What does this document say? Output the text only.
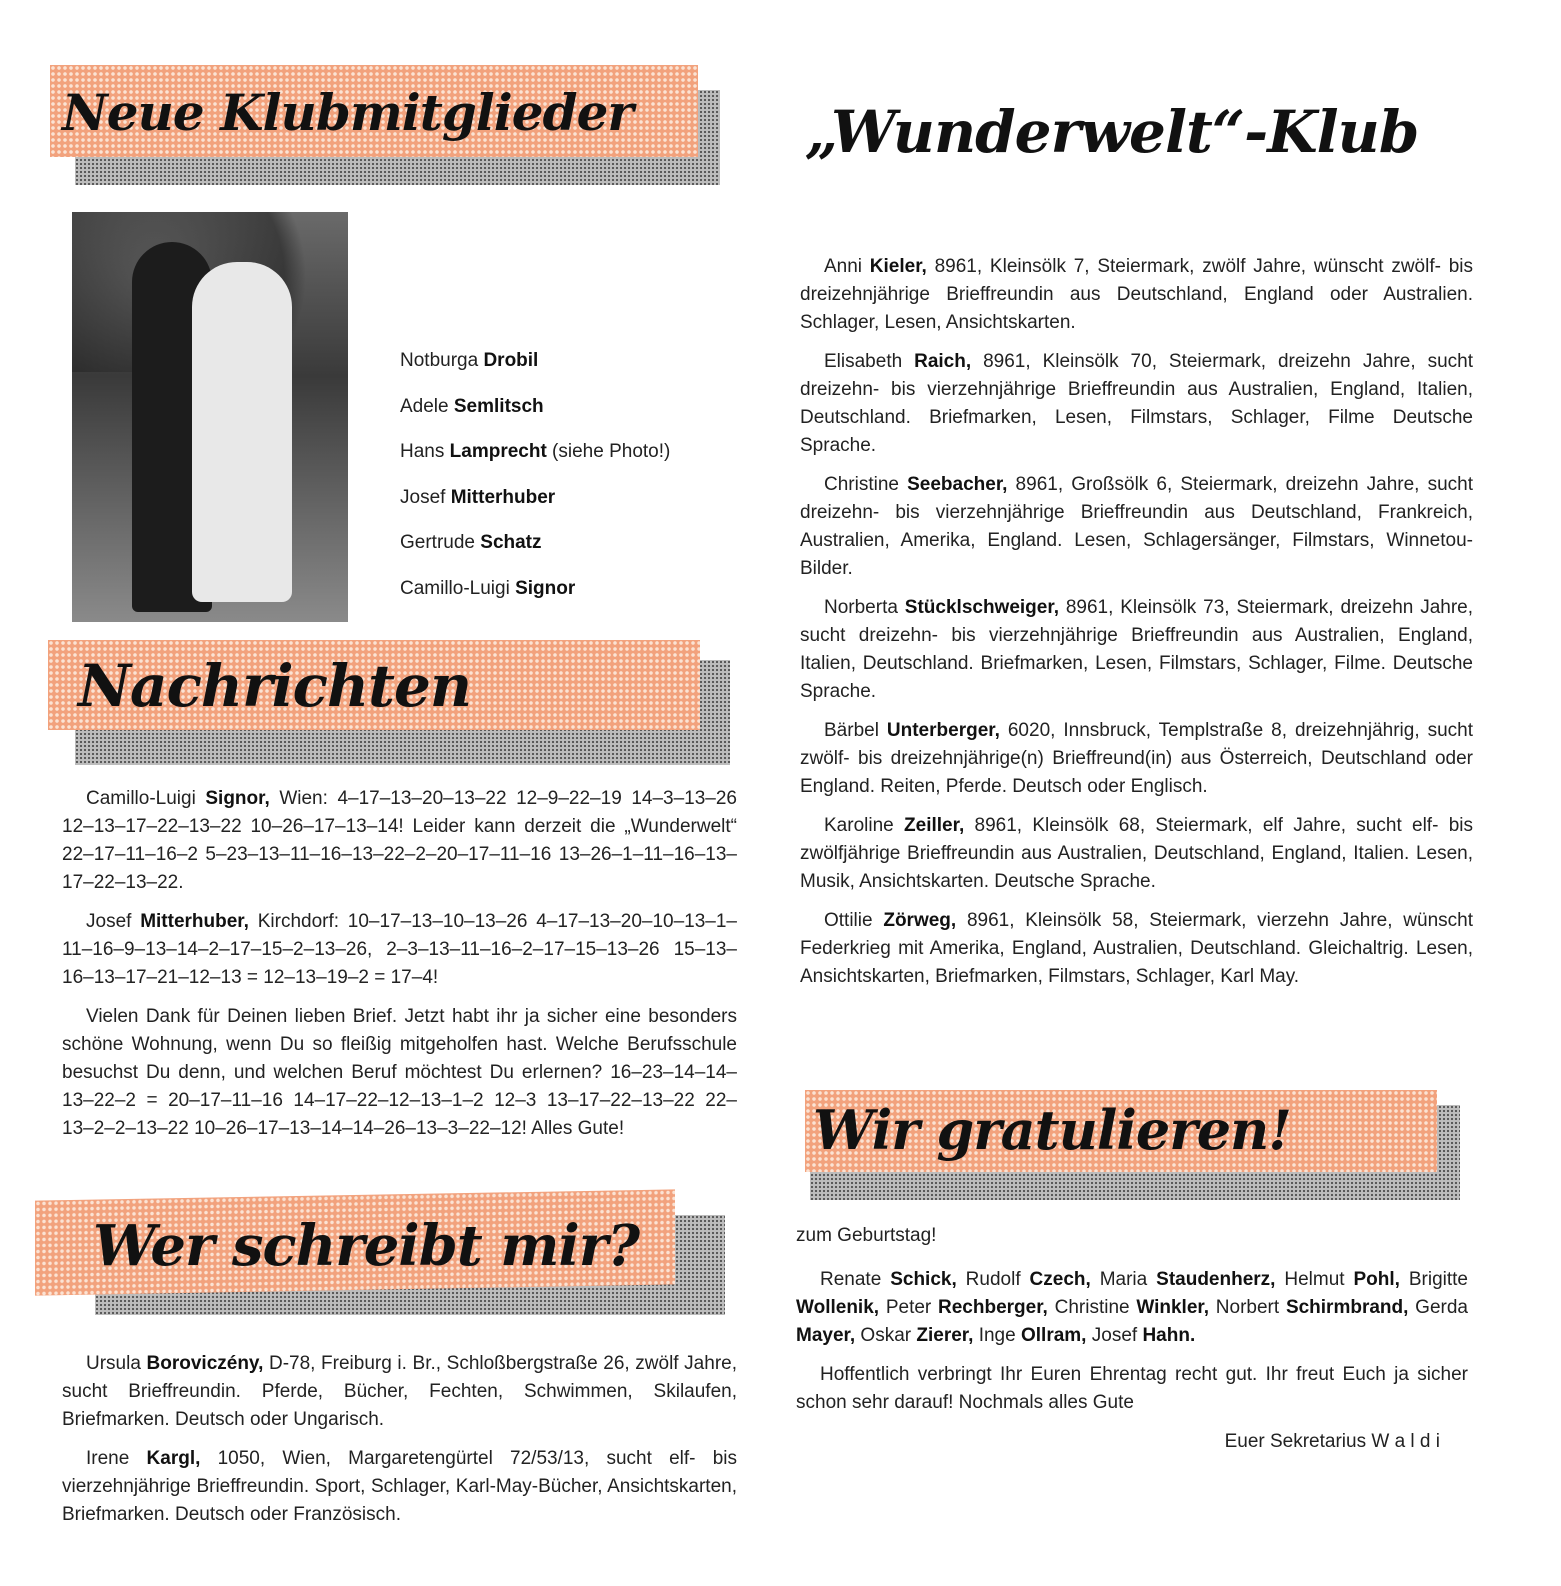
Neue Klubmitglieder	„Wunderwelt“-Klub
Notburga Drobil
Adele Semlitsch
Hans Lamprecht (siehe Photo!)
Josef Mitterhuber
Gertrude Schatz
Camillo-Luigi Signor
Nachrichten

Camillo-Luigi Signor, Wien: 4–17–13–20–13–22 12–9–22–19 14–3–13–26 12–13–17–22–13–22 10–26–17–13–14! Leider kann derzeit die „Wunderwelt“ 22–17–11–16–2 5–23–13–11–16–13–22–2–20–17–11–16 13–26–1–11–16–13–17–22–13–22.

Josef Mitterhuber, Kirchdorf: 10–17–13–10–13–26 4–17–13–20–10–13–1–11–16–9–13–14–2–17–15–2–13–26, 2–3–13–11–16–2–17–15–13–26 15–13–16–13–17–21–12–13 = 12–13–19–2 = 17–4!

Vielen Dank für Deinen lieben Brief. Jetzt habt ihr ja sicher eine besonders schöne Wohnung, wenn Du so fleißig mitgeholfen hast. Welche Berufsschule besuchst Du denn, und welchen Beruf möchtest Du erlernen? 16–23–14–14–13–22–2 = 20–17–11–16 14–17–22–12–13–1–2 12–3 13–17–22–13–22 22–13–2–2–13–22 10–26–17–13–14–14–26–13–3–22–12! Alles Gute!

Wer schreibt mir?

Ursula Boroviczény, D-78, Freiburg i. Br., Schloßbergstraße 26, zwölf Jahre, sucht Brieffreundin. Pferde, Bücher, Fechten, Schwimmen, Skilaufen, Briefmarken. Deutsch oder Ungarisch.

Irene Kargl, 1050, Wien, Margaretengürtel 72/53/13, sucht elf- bis vierzehnjährige Brieffreundin. Sport, Schlager, Karl-May-Bücher, Ansichtskarten, Briefmarken. Deutsch oder Französisch.

Anni Kieler, 8961, Kleinsölk 7, Steiermark, zwölf Jahre, wünscht zwölf- bis dreizehnjährige Brieffreundin aus Deutschland, England oder Australien. Schlager, Lesen, Ansichtskarten.

Elisabeth Raich, 8961, Kleinsölk 70, Steiermark, dreizehn Jahre, sucht dreizehn- bis vierzehnjährige Brieffreundin aus Australien, England, Italien, Deutschland. Briefmarken, Lesen, Filmstars, Schlager, Filme Deutsche Sprache.

Christine Seebacher, 8961, Großsölk 6, Steiermark, dreizehn Jahre, sucht dreizehn- bis vierzehnjährige Brieffreundin aus Deutschland, Frankreich, Australien, Amerika, England. Lesen, Schlagersänger, Filmstars, Winnetou-Bilder.

Norberta Stücklschweiger, 8961, Kleinsölk 73, Steiermark, dreizehn Jahre, sucht dreizehn- bis vierzehnjährige Brieffreundin aus Australien, England, Italien, Deutschland. Briefmarken, Lesen, Filmstars, Schlager, Filme. Deutsche Sprache.

Bärbel Unterberger, 6020, Innsbruck, Templstraße 8, dreizehnjährig, sucht zwölf- bis dreizehnjährige(n) Brieffreund(in) aus Österreich, Deutschland oder England. Reiten, Pferde. Deutsch oder Englisch.

Karoline Zeiller, 8961, Kleinsölk 68, Steiermark, elf Jahre, sucht elf- bis zwölfjährige Brieffreundin aus Australien, Deutschland, England, Italien. Lesen, Musik, Ansichtskarten. Deutsche Sprache.

Ottilie Zörweg, 8961, Kleinsölk 58, Steiermark, vierzehn Jahre, wünscht Federkrieg mit Amerika, England, Australien, Deutschland. Gleichaltrig. Lesen, Ansichtskarten, Briefmarken, Filmstars, Schlager, Karl May.

Wir gratulieren!

zum Geburtstag!

Renate Schick, Rudolf Czech, Maria Staudenherz, Helmut Pohl, Brigitte Wollenik, Peter Rechberger, Christine Winkler, Norbert Schirmbrand, Gerda Mayer, Oskar Zierer, Inge Ollram, Josef Hahn.

Hoffentlich verbringt Ihr Euren Ehrentag recht gut. Ihr freut Euch ja sicher schon sehr darauf! Nochmals alles Gute

Euer Sekretarius W a l d i
